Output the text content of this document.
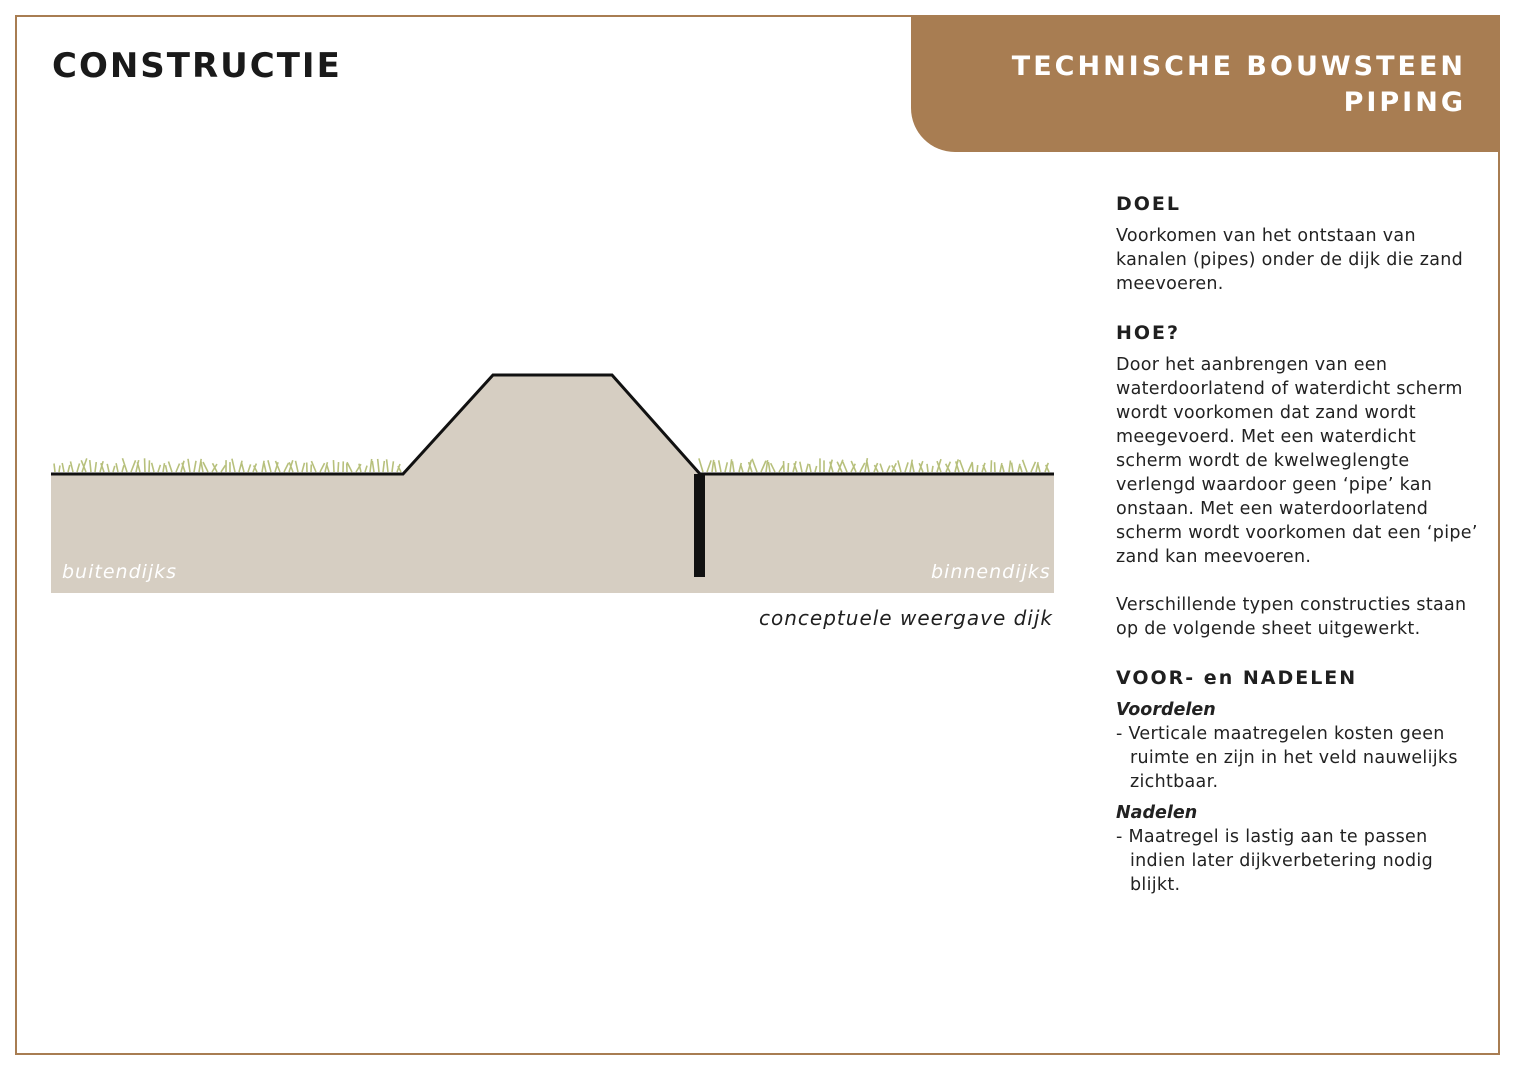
CONSTRUCTIE	TECHNISCHE BOUWSTEEN
PIPING
buitendijks	binnendijks
conceptuele weergave dijk
DOEL

Voorkomen van het ontstaan van kanalen (pipes) onder de dijk die zand meevoeren.

HOE?

Door het aanbrengen van een waterdoorlatend of waterdicht scherm wordt voorkomen dat zand wordt meegevoerd. Met een waterdicht scherm wordt de kwelweglengte verlengd waardoor geen ‘pipe’ kan onstaan. Met een waterdoorlatend scherm wordt voorkomen dat een ‘pipe’ zand kan meevoeren.

Verschillende typen constructies staan op de volgende sheet uitgewerkt.

VOOR- en NADELEN

Voordelen

- Verticale maatregelen kosten geen ruimte en zijn in het veld nauwelijks zichtbaar.

Nadelen

- Maatregel is lastig aan te passen indien later dijkverbetering nodig blijkt.
